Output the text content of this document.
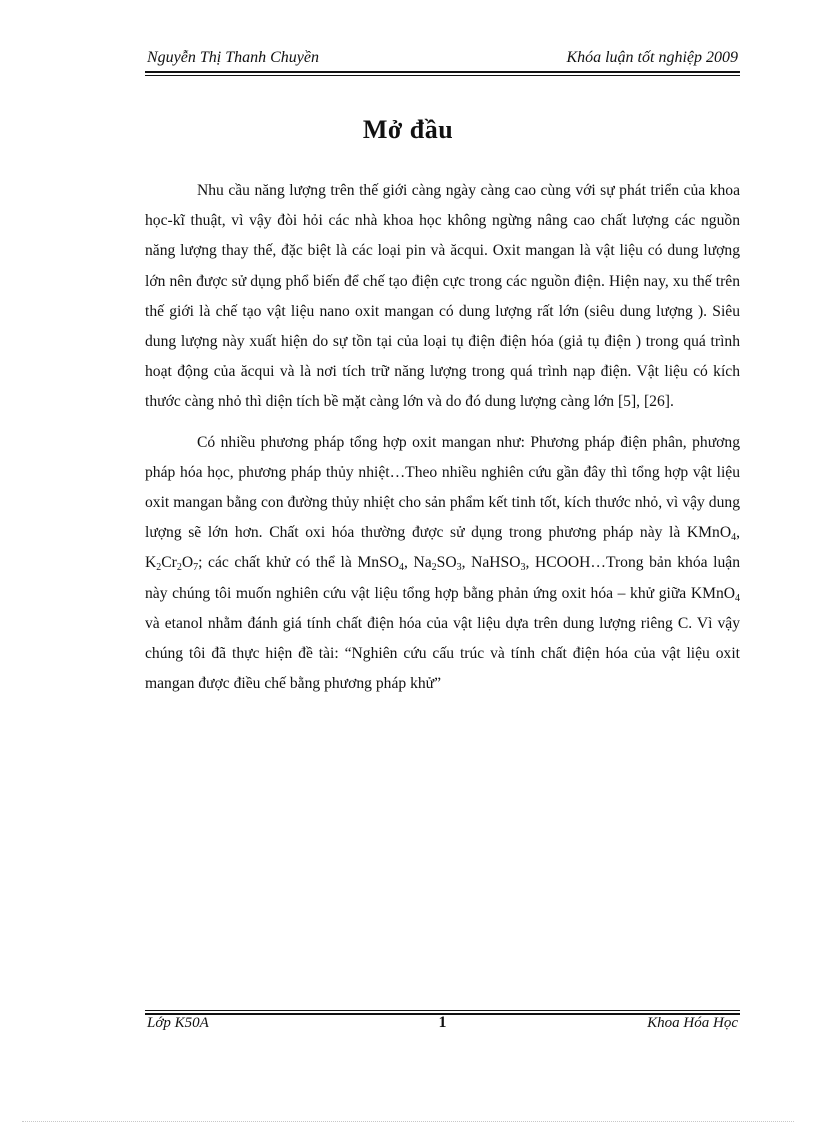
Nguyễn Thị Thanh Chuyền	Khóa luận tốt nghiệp 2009
Mở đầu

Nhu cầu năng lượng trên thế giới càng ngày càng cao cùng với sự phát triển của khoa học-kĩ thuật, vì vậy đòi hỏi các nhà khoa học không ngừng nâng cao chất lượng các nguồn năng lượng thay thế, đặc biệt là các loại pin và ăcqui. Oxit mangan là vật liệu có dung lượng lớn nên được sử dụng phổ biến để chế tạo điện cực trong các nguồn điện. Hiện nay, xu thế trên thế giới là chế tạo vật liệu nano oxit mangan có dung lượng rất lớn (siêu dung lượng ). Siêu dung lượng này xuất hiện do sự tồn tại của loại tụ điện điện hóa (giả tụ điện ) trong quá trình hoạt động của ăcqui và là nơi tích trữ năng lượng trong quá trình nạp điện. Vật liệu có kích thước càng nhỏ thì diện tích bề mặt càng lớn và do đó dung lượng càng lớn [5], [26].

Có nhiều phương pháp tổng hợp oxit mangan như: Phương pháp điện phân, phương pháp hóa học, phương pháp thủy nhiệt…Theo nhiều nghiên cứu gần đây thì tổng hợp vật liệu oxit mangan bằng con đường thủy nhiệt cho sản phẩm kết tinh tốt, kích thước nhỏ, vì vậy dung lượng sẽ lớn hơn. Chất oxi hóa thường được sử dụng trong phương pháp này là KMnO$_4$, $K_2Cr_2O_7$; các chất khử có thể là MnSO$_4$, $Na_2SO_3$, NaHSO$_3$, HCOOH…Trong bản khóa luận này chúng tôi muốn nghiên cứu vật liệu tổng hợp bằng phản ứng oxit hóa – khử giữa KMnO$_4$ và etanol nhằm đánh giá tính chất điện hóa của vật liệu dựa trên dung lượng riêng C. Vì vậy chúng tôi đã thực hiện đề tài: “Nghiên cứu cấu trúc và tính chất điện hóa của vật liệu oxit mangan được điều chế bằng phương pháp khử”

Lớp K50A	1	Khoa Hóa Học
